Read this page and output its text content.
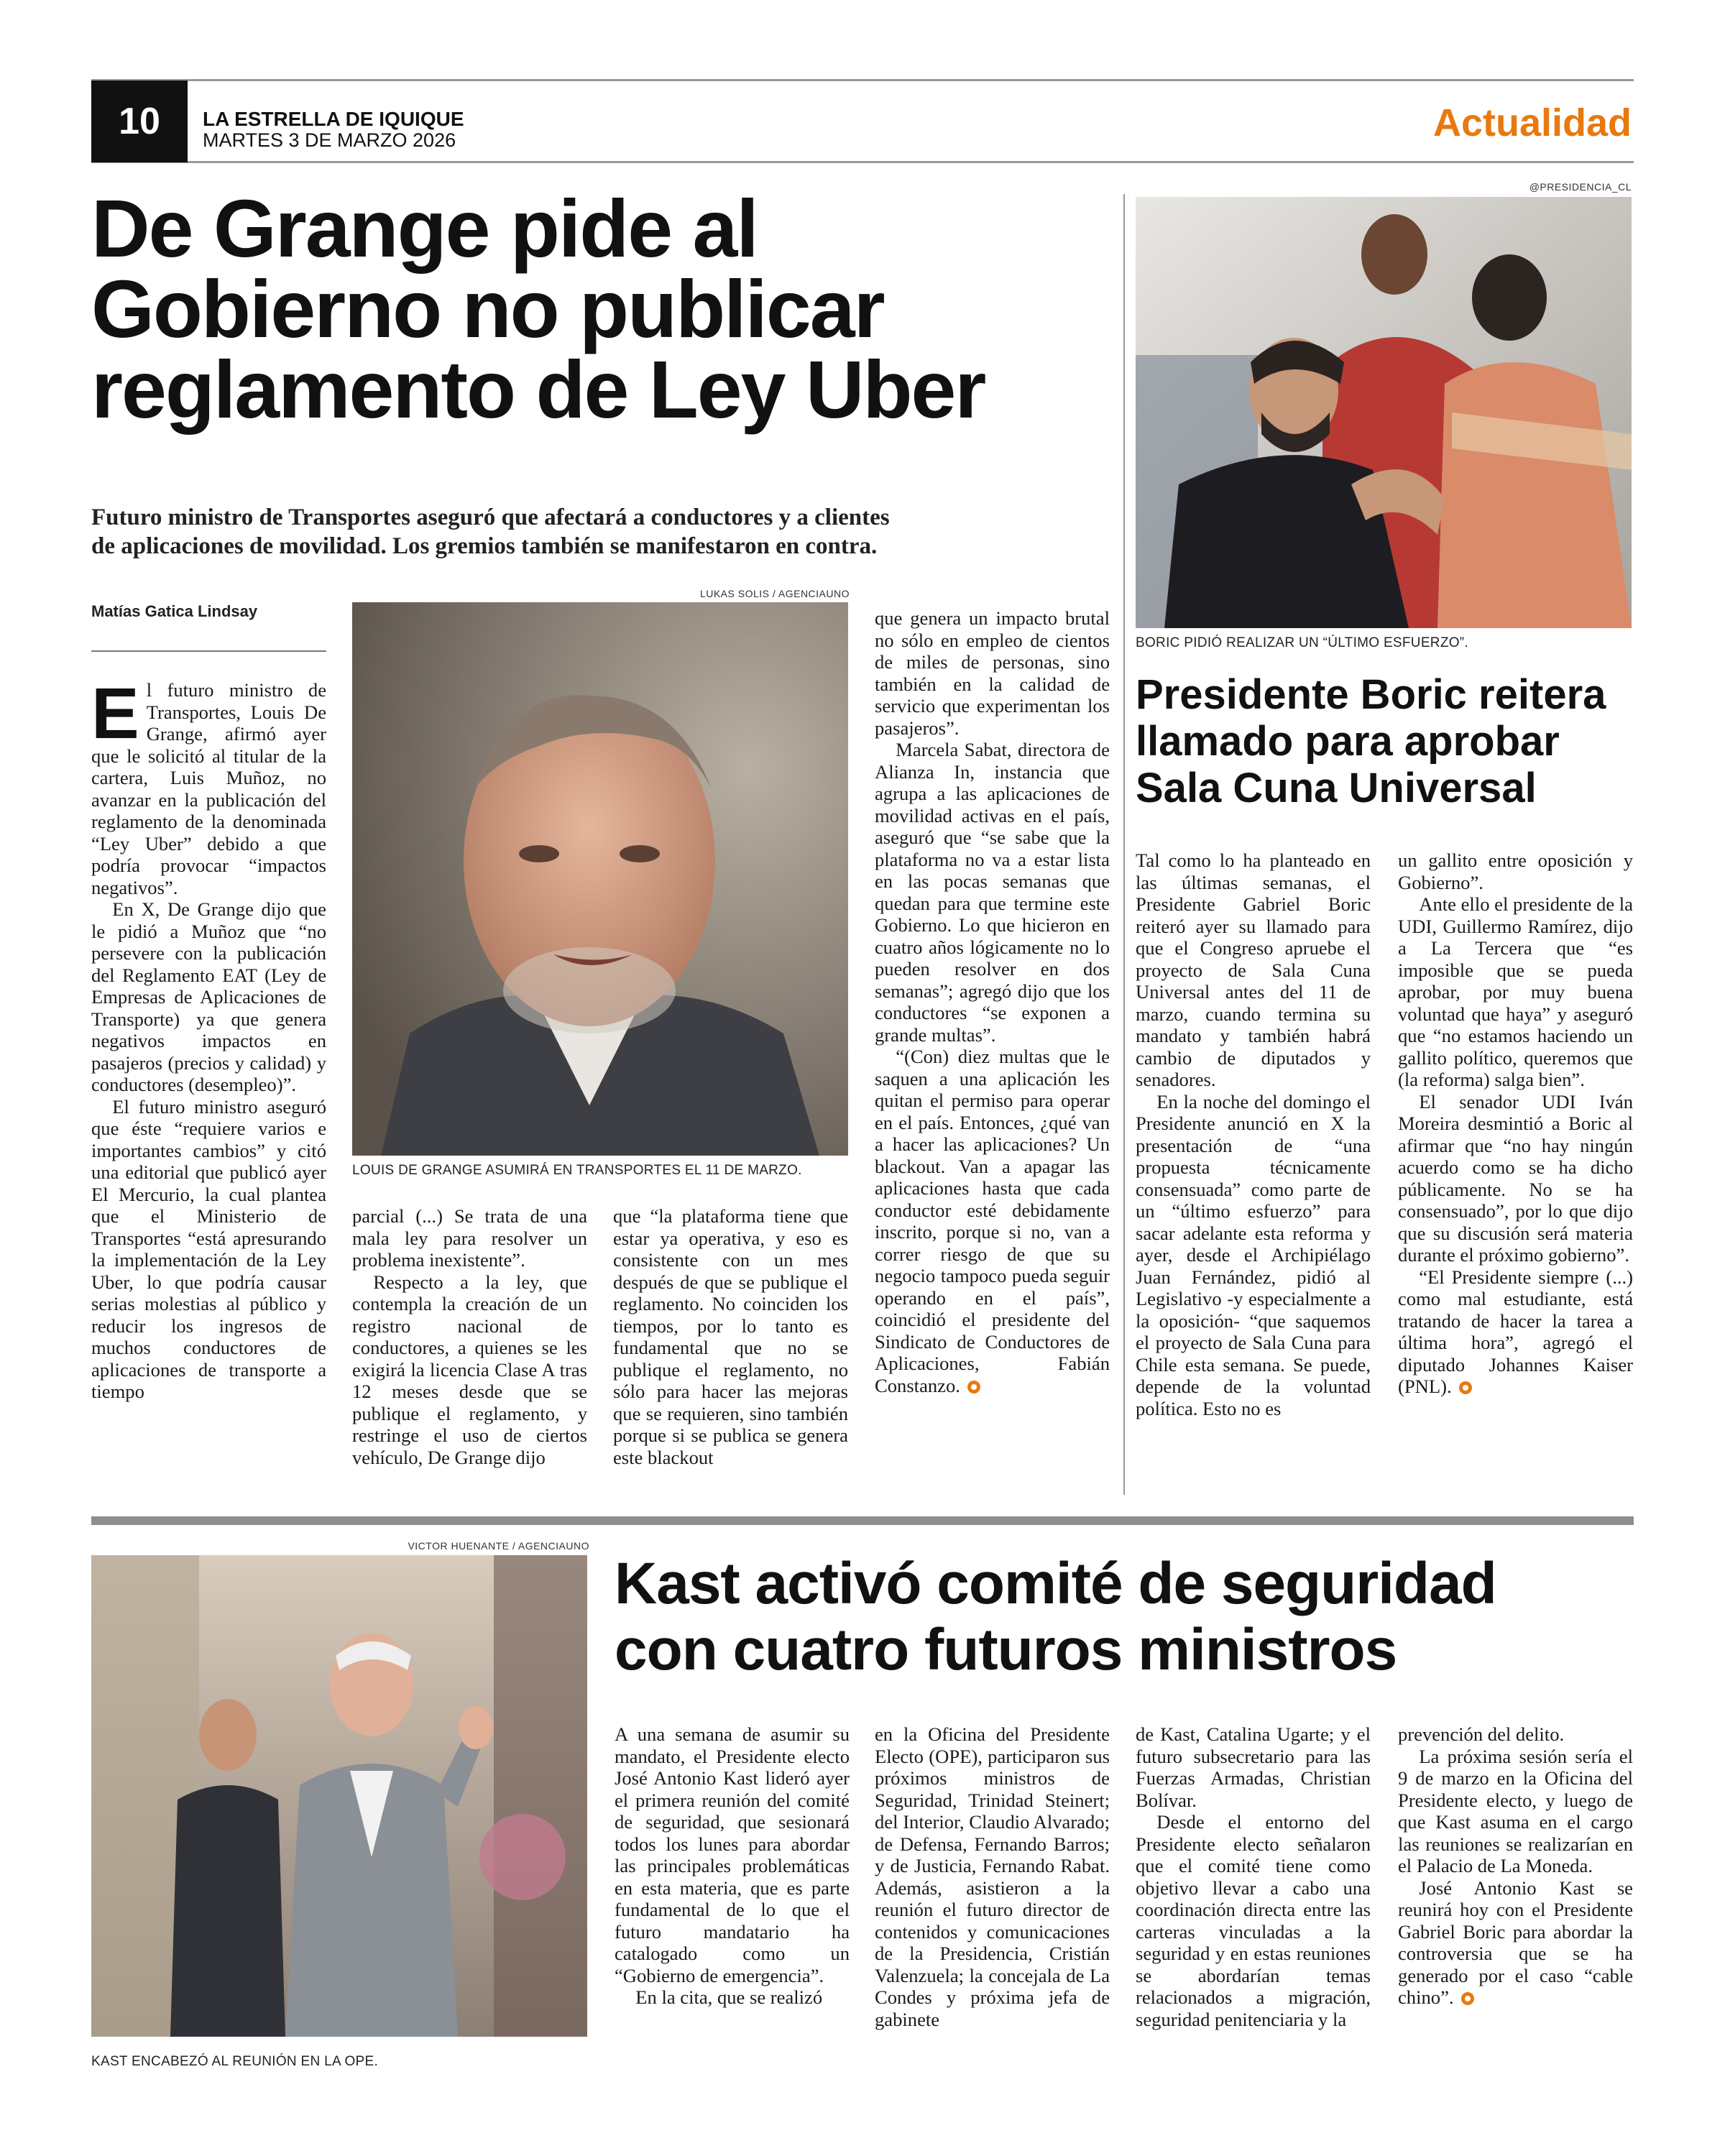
10	LA ESTRELLA DE IQUIQUE
MARTES 3 DE MARZO 2026	Actualidad
De Grange pide al
Gobierno no publicar
reglamento de Ley Uber
Futuro ministro de Transportes aseguró que afectará a conductores y a clientes
de aplicaciones de movilidad. Los gremios también se manifestaron en contra.
Matías Gatica Lindsay
LUKAS SOLIS / AGENCIAUNO
LOUIS DE GRANGE ASUMIRÁ EN TRANSPORTES EL 11 DE MARZO.

El futuro ministro de Transportes, Louis De Grange, afirmó ayer que le solicitó al titular de la cartera, Luis Muñoz, no avanzar en la publicación del reglamento de la denominada “Ley Uber” debido a que podría provocar “impactos negativos”.

En X, De Grange dijo que le pidió a Muñoz que “no persevere con la publicación del Reglamento EAT (Ley de Empresas de Aplicaciones de Transporte) ya que genera negativos impactos en pasajeros (precios y calidad) y conductores (desempleo)”.

El futuro ministro aseguró que éste “requiere varios e importantes cambios” y citó una editorial que publicó ayer El Mercurio, la cual plantea que el Ministerio de Transportes “está apresurando la implementación de la Ley Uber, lo que podría causar serias molestias al público y reducir los ingresos de muchos conductores de aplicaciones de transporte a tiempo

parcial (...) Se trata de una mala ley para resolver un problema inexistente”.

Respecto a la ley, que contempla la creación de un registro nacional de conductores, a quienes se les exigirá la licencia Clase A tras 12 meses desde que se publique el reglamento, y restringe el uso de ciertos vehículo, De Grange dijo

que “la plataforma tiene que estar ya operativa, y eso es consistente con un mes después de que se publique el reglamento. No coinciden los tiempos, por lo tanto es fundamental que no se publique el reglamento, no sólo para hacer las mejoras que se requieren, sino también porque si se publica se genera este blackout

que genera un impacto brutal no sólo en empleo de cientos de miles de personas, sino también en la calidad de servicio que experimentan los pasajeros”.

Marcela Sabat, directora de Alianza In, instancia que agrupa a las aplicaciones de movilidad activas en el país, aseguró que “se sabe que la plataforma no va a estar lista en las pocas semanas que quedan para que termine este Gobierno. Lo que hicieron en cuatro años lógicamente no lo pueden resolver en dos semanas”; agregó dijo que los conductores “se exponen a grande multas”.

“(Con) diez multas que le saquen a una aplicación les quitan el permiso para operar en el país. Entonces, ¿qué van a hacer las aplicaciones? Un blackout. Van a apagar las aplicaciones hasta que cada conductor esté debidamente inscrito, porque si no, van a correr riesgo de que su negocio tampoco pueda seguir operando en el país”, coincidió el presidente del Sindicato de Conductores de Aplicaciones, Fabián Constanzo.

@PRESIDENCIA_CL
BORIC PIDIÓ REALIZAR UN “ÚLTIMO ESFUERZO”.
Presidente Boric reitera
llamado para aprobar
Sala Cuna Universal

Tal como lo ha planteado en las últimas semanas, el Presidente Gabriel Boric reiteró ayer su llamado para que el Congreso apruebe el proyecto de Sala Cuna Universal antes del 11 de marzo, cuando termina su mandato y también habrá cambio de diputados y senadores.

En la noche del domingo el Presidente anunció en X la presentación de “una propuesta técnicamente consensuada” como parte de un “último esfuerzo” para sacar adelante esta reforma y ayer, desde el Archipiélago Juan Fernández, pidió al Legislativo -y especialmente a la oposición- “que saquemos el proyecto de Sala Cuna para Chile esta semana. Se puede, depende de la voluntad política. Esto no es

un gallito entre oposición y Gobierno”.

Ante ello el presidente de la UDI, Guillermo Ramírez, dijo a La Tercera que “es imposible que se pueda aprobar, por muy buena voluntad que haya” y aseguró que “no estamos haciendo un gallito político, queremos que (la reforma) salga bien”.

El senador UDI Iván Moreira desmintió a Boric al afirmar que “no hay ningún acuerdo como se ha dicho públicamente. No se ha consensuado”, por lo que dijo que su discusión será materia durante el próximo gobierno”.

“El Presidente siempre (...) como mal estudiante, está tratando de hacer la tarea a última hora”, agregó el diputado Johannes Kaiser (PNL).

VICTOR HUENANTE / AGENCIAUNO
KAST ENCABEZÓ AL REUNIÓN EN LA OPE.
Kast activó comité de seguridad
con cuatro futuros ministros

A una semana de asumir su mandato, el Presidente electo José Antonio Kast lideró ayer el primera reunión del comité de seguridad, que sesionará todos los lunes para abordar las principales problemáticas en esta materia, que es parte fundamental de lo que el futuro mandatario ha catalogado como un “Gobierno de emergencia”.

En la cita, que se realizó

en la Oficina del Presidente Electo (OPE), participaron sus próximos ministros de Seguridad, Trinidad Steinert; del Interior, Claudio Alvarado; de Defensa, Fernando Barros; y de Justicia, Fernando Rabat. Además, asistieron a la reunión el futuro director de contenidos y comunicaciones de la Presidencia, Cristián Valenzuela; la concejala de La Condes y próxima jefa de gabinete

de Kast, Catalina Ugarte; y el futuro subsecretario para las Fuerzas Armadas, Christian Bolívar.

Desde el entorno del Presidente electo señalaron que el comité tiene como objetivo llevar a cabo una coordinación directa entre las carteras vinculadas a la seguridad y en estas reuniones se abordarían temas relacionados a migración, seguridad penitenciaria y la

prevención del delito.

La próxima sesión sería el 9 de marzo en la Oficina del Presidente electo, y luego de que Kast asuma en el cargo las reuniones se realizarían en el Palacio de La Moneda.

José Antonio Kast se reunirá hoy con el Presidente Gabriel Boric para abordar la controversia que se ha generado por el caso “cable chino”.
